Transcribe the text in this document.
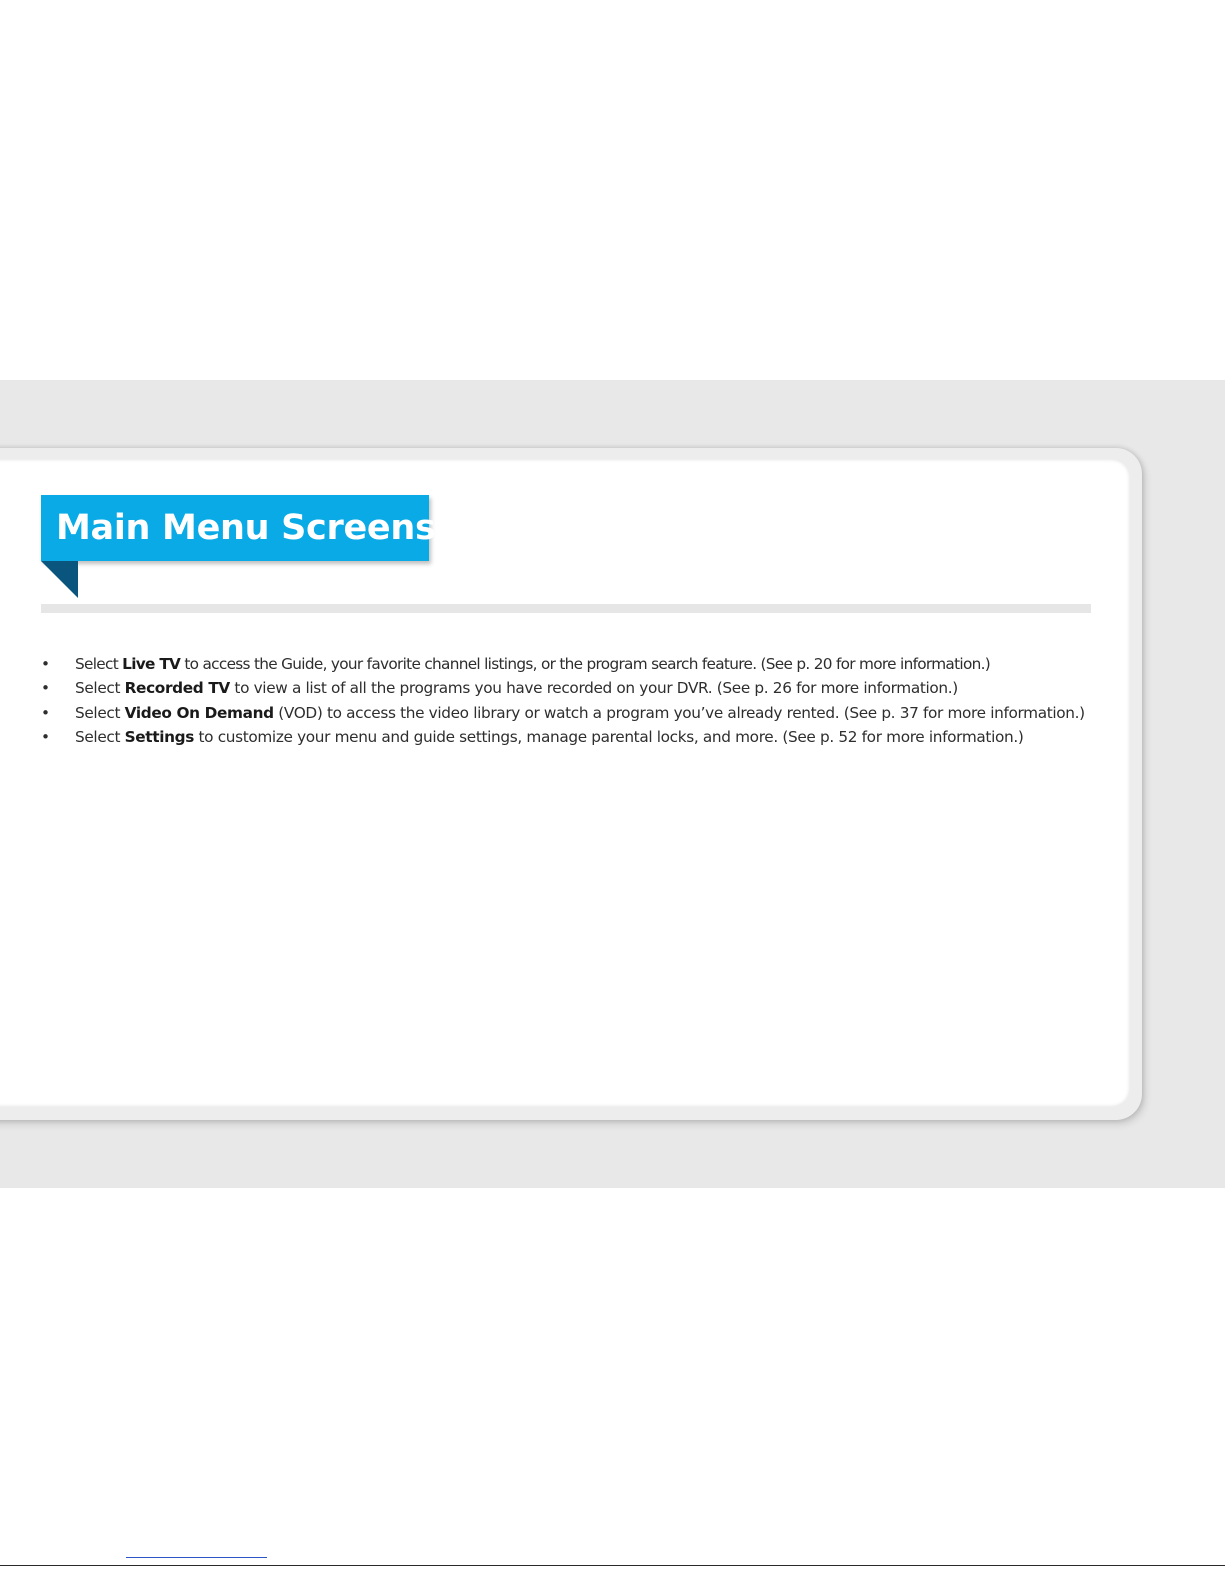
Main Menu Screens
• Select Live TV to access the Guide, your favorite channel listings, or the program search feature. (See p. 20 for more information.)
• Select Recorded TV to view a list of all the programs you have recorded on your DVR. (See p. 26 for more information.)
• Select Video On Demand (VOD) to access the video library or watch a program you’ve already rented. (See p. 37 for more information.)
• Select Settings to customize your menu and guide settings, manage parental locks, and more. (See p. 52 for more information.)
